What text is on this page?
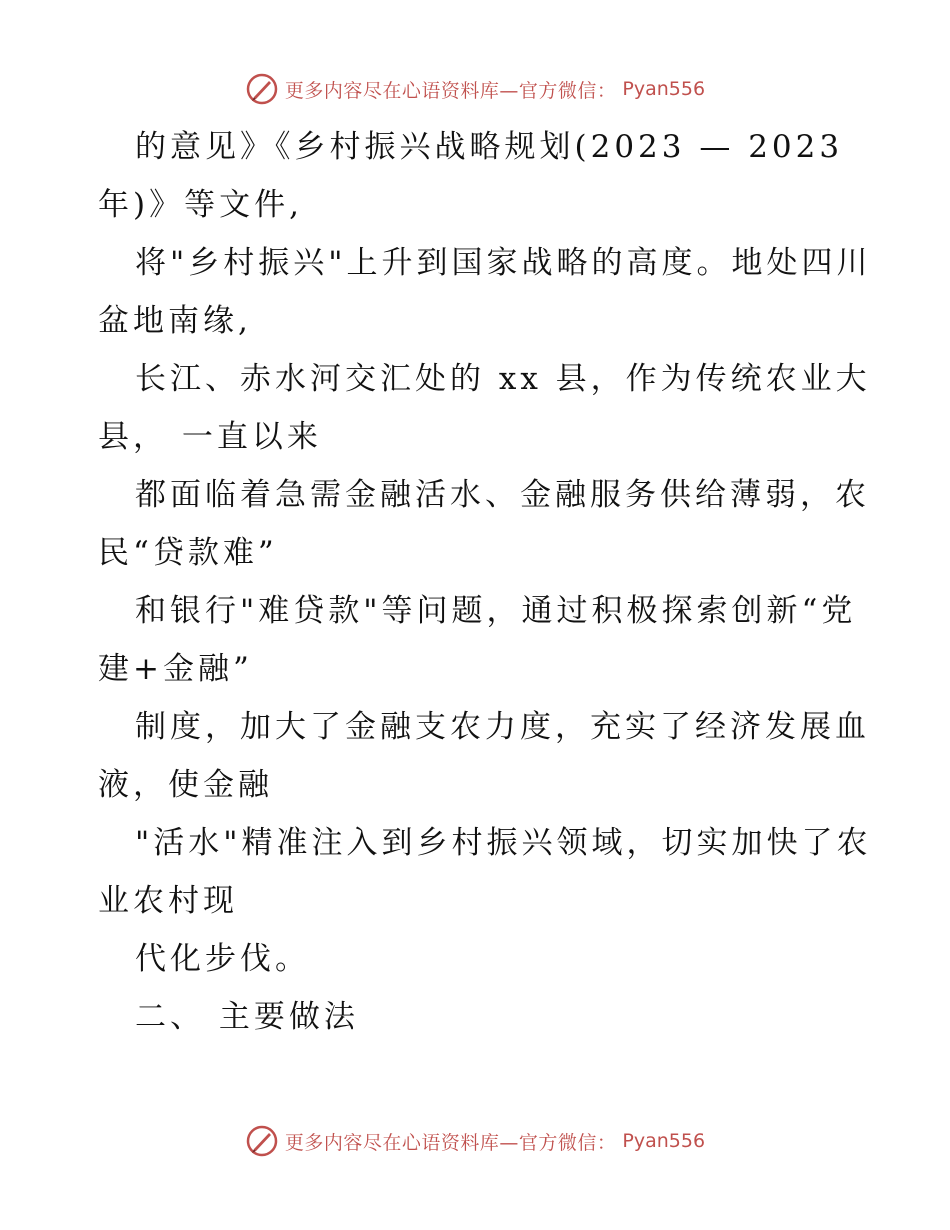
更多内容尽在心语资料库—官方微信： Pyan556
的意见》《乡村振兴战略规划(2023 — 2023
年)》等文件,
将"乡村振兴"上升到国家战略的高度。地处四川
盆地南缘,
长江、赤水河交汇处的 xx 县，作为传统农业大
县， 一直以来
都面临着急需金融活水、金融服务供给薄弱，农
民“贷款难”
和银行"难贷款"等问题，通过积极探索创新“党
建+金融”
制度，加大了金融支农力度，充实了经济发展血
液，使金融
"活水"精准注入到乡村振兴领域，切实加快了农
业农村现
代化步伐。
二、 主要做法
更多内容尽在心语资料库—官方微信： Pyan556
